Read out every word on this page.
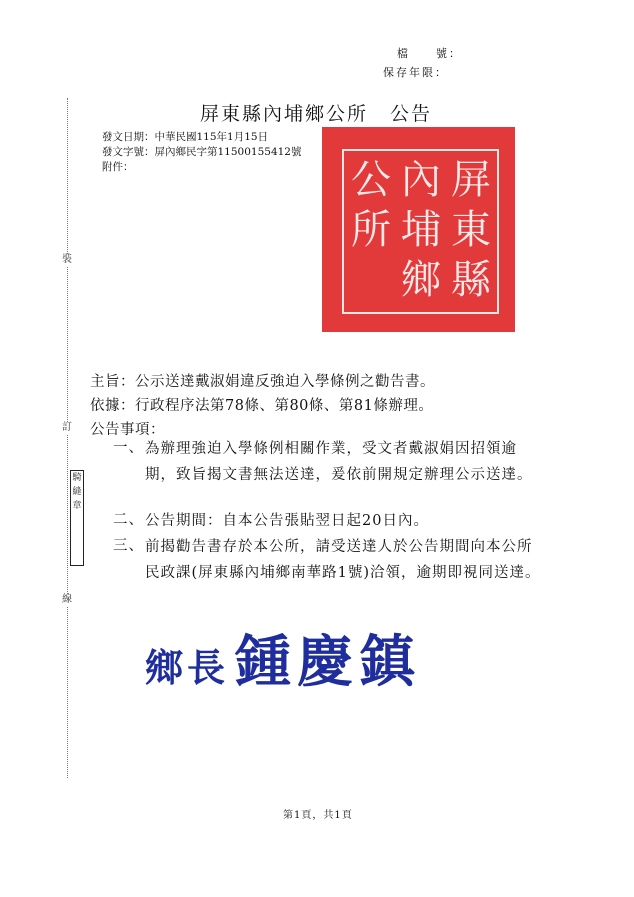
檔　　號：
保存年限：
裝
訂
線
騎
縫
章
屏東縣內埔鄉公所 公告
發文日期：中華民國115年1月15日
發文字號：屏內鄉民字第11500155412號
附件：	屏東縣
內埔鄉
公所
主旨：公示送達戴淑娟違反強迫入學條例之勸告書。
依據：行政程序法第78條、第80條、第81條辦理。
公告事項：
一、 為辦理強迫入學條例相關作業，受文者戴淑娟因招領逾期，致旨揭文書無法送達，爰依前開規定辦理公示送達。
二、 公告期間：自本公告張貼翌日起20日內。
三、 前揭勸告書存於本公所，請受送達人於公告期間向本公所民政課(屏東縣內埔鄉南華路1號)洽領，逾期即視同送達。
鄉長 鍾慶鎮
第1頁，共1頁
